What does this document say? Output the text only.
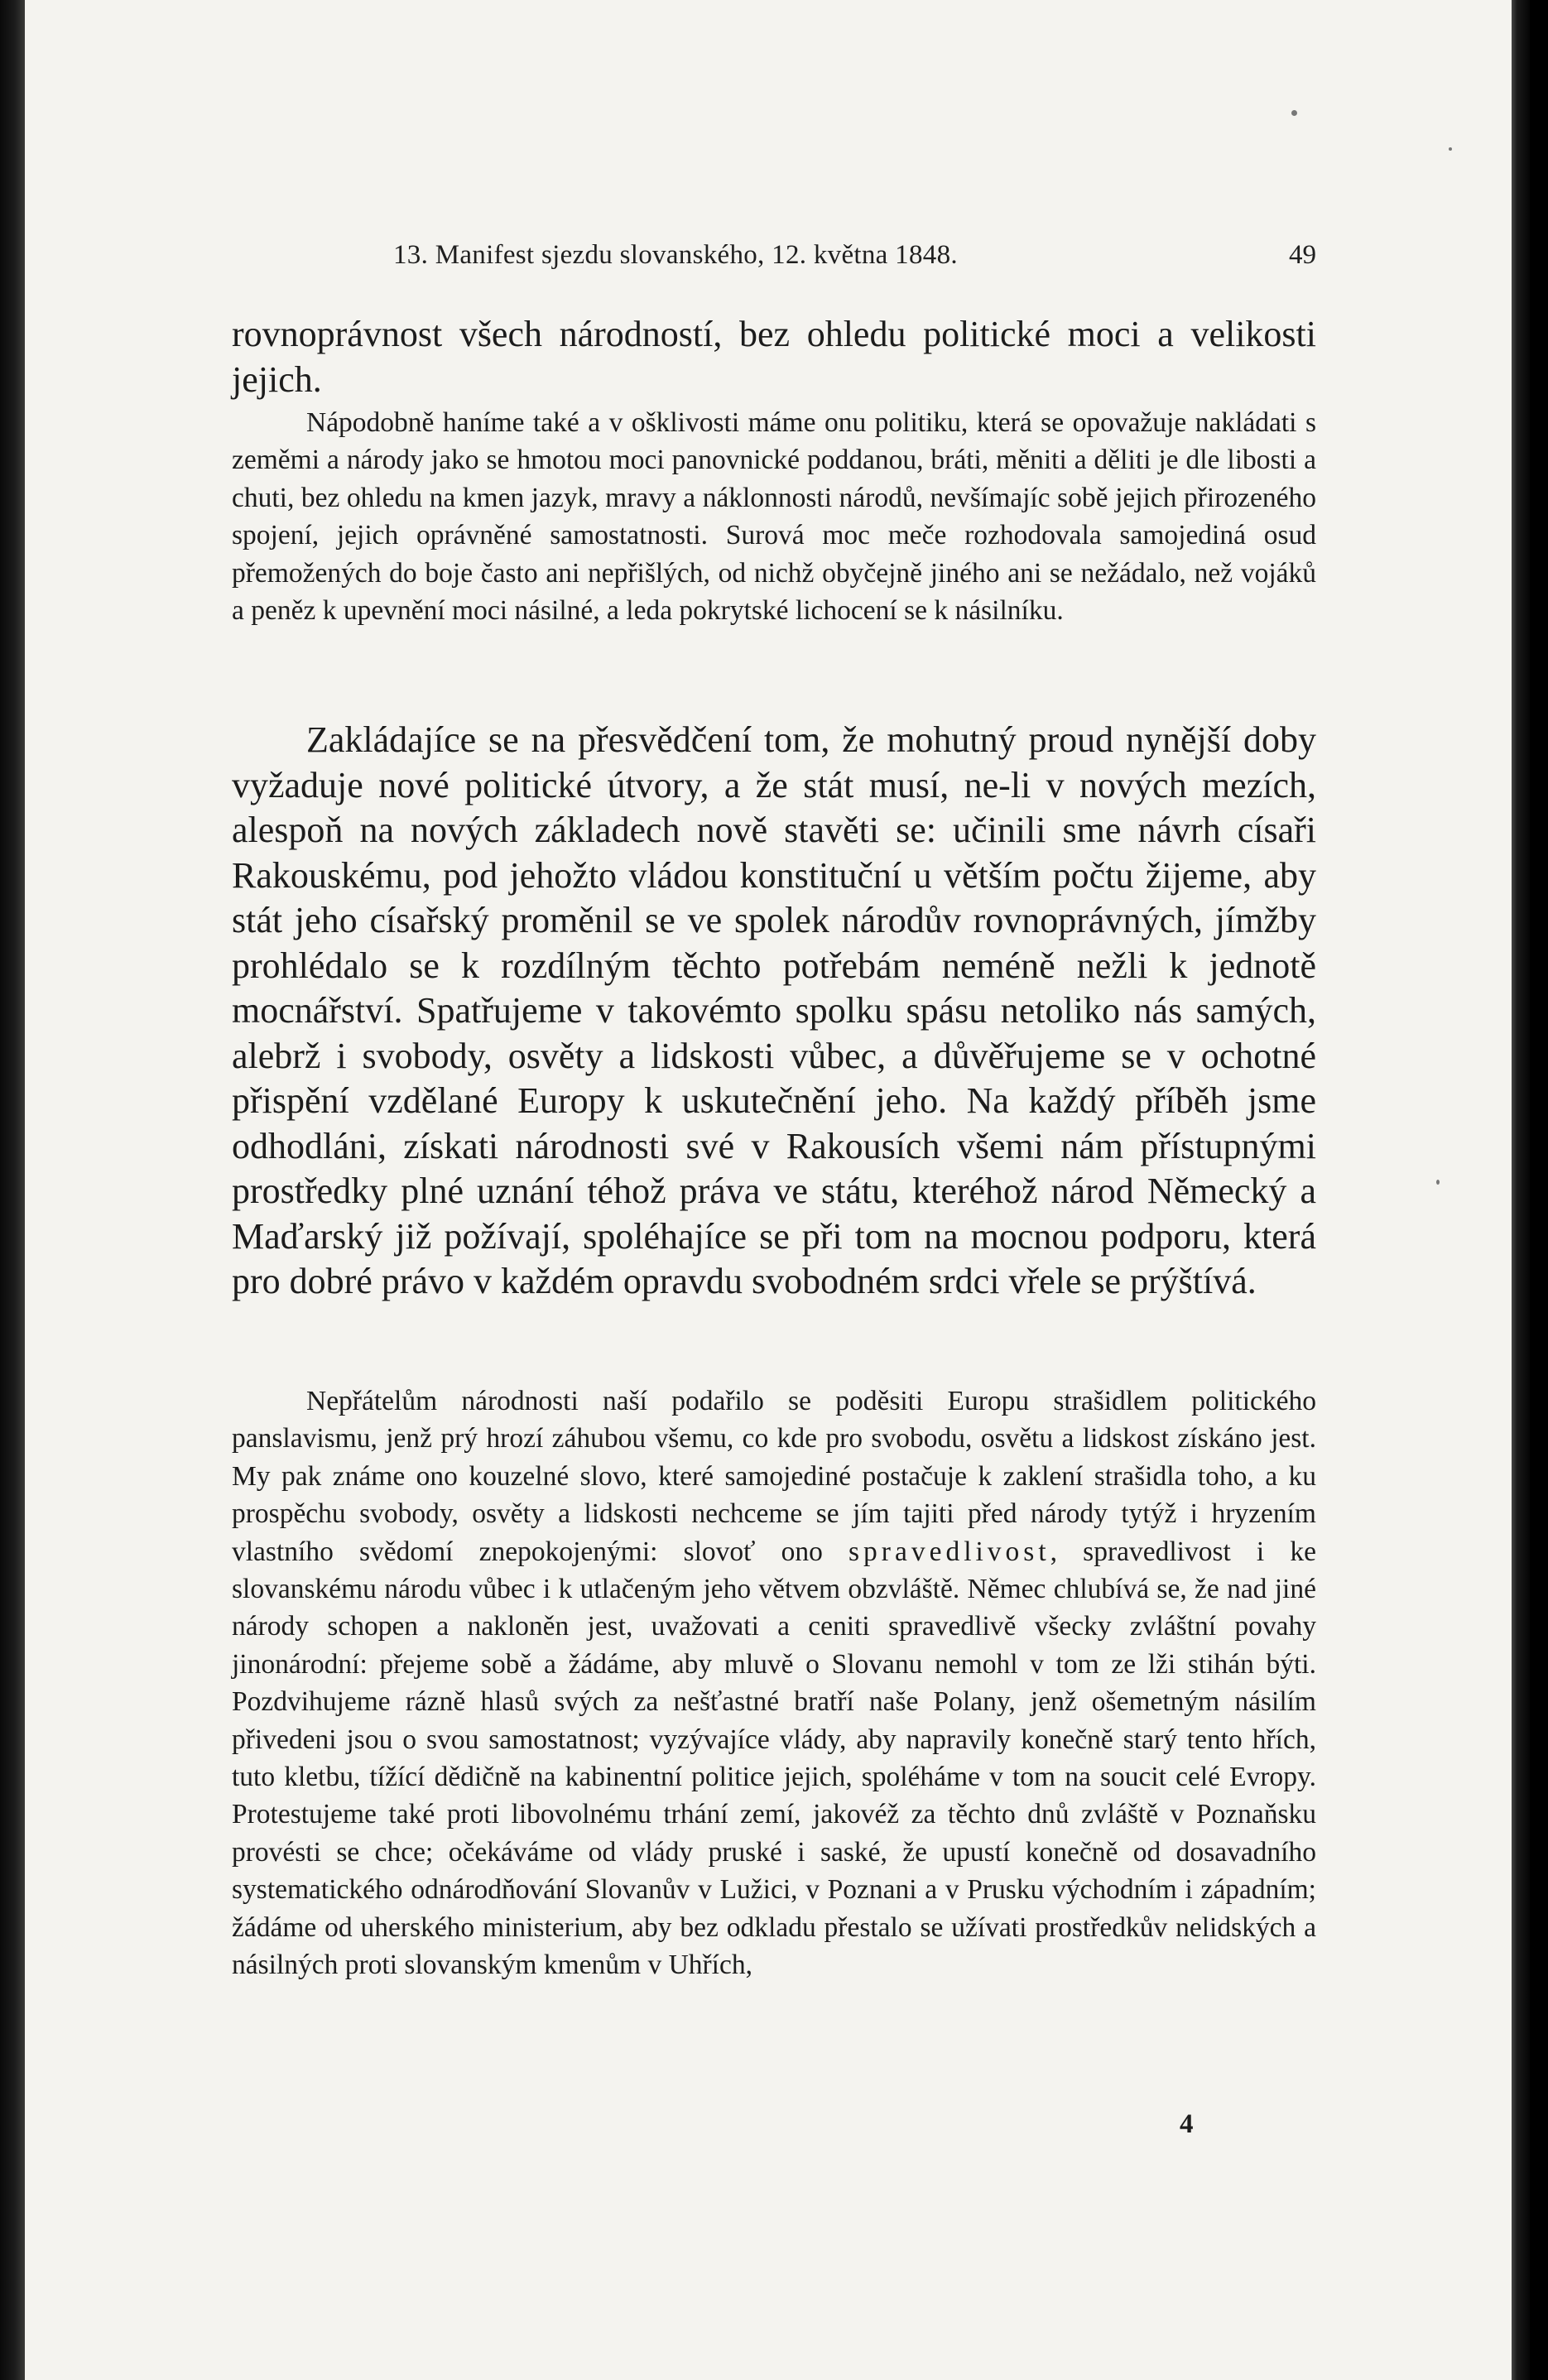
13. Manifest sjezdu slovanského, 12. května 1848.	49

rovnoprávnost všech národností, bez ohledu politické moci a velikosti jejich.

Nápodobně haníme také a v ošklivosti máme onu politiku, která se opovažuje nakládati s zeměmi a národy jako se hmotou moci panovnické poddanou, bráti, měniti a děliti je dle libosti a chuti, bez ohledu na kmen jazyk, mravy a náklonnosti národů, nevšímajíc sobě jejich přirozeného spojení, jejich oprávněné samostatnosti. Surová moc meče rozhodovala samojediná osud přemožených do boje často ani nepřišlých, od nichž obyčejně jiného ani se nežádalo, než vojáků a peněz k upevnění moci násilné, a leda pokrytské lichocení se k násilníku.

Zakládajíce se na přesvědčení tom, že mohutný proud nynější doby vyžaduje nové politické útvory, a že stát musí, ne-li v nových mezích, alespoň na nových základech nově stavěti se: učinili sme návrh císaři Rakouskému, pod jehožto vládou konstituční u větším počtu žijeme, aby stát jeho císařský proměnil se ve spolek národův rovnoprávných, jímžby prohlédalo se k rozdílným těchto potřebám neméně nežli k jednotě mocnářství. Spatřujeme v takovémto spolku spásu netoliko nás samých, alebrž i svobody, osvěty a lidskosti vůbec, a důvěřujeme se v ochotné přispění vzdělané Europy k uskutečnění jeho. Na každý příběh jsme odhodláni, získati národnosti své v Rakousích všemi nám přístupnými prostředky plné uznání téhož práva ve státu, kteréhož národ Německý a Maďarský již požívají, spoléhajíce se při tom na mocnou podporu, která pro dobré právo v každém opravdu svobodném srdci vřele se prýštívá.

Nepřátelům národnosti naší podařilo se poděsiti Europu strašidlem politického panslavismu, jenž prý hrozí záhubou všemu, co kde pro svobodu, osvětu a lidskost získáno jest. My pak známe ono kouzelné slovo, které samojediné postačuje k zaklení strašidla toho, a ku prospěchu svobody, osvěty a lidskosti nechceme se jím tajiti před národy tytýž i hryzením vlastního svědomí znepokojenými: slovoť ono spravedlivost, spravedlivost i ke slovanskému národu vůbec i k utlačeným jeho větvem obzvláště. Němec chlubívá se, že nad jiné národy schopen a nakloněn jest, uvažovati a ceniti spravedlivě všecky zvláštní povahy jinonárodní: přejeme sobě a žádáme, aby mluvě o Slovanu nemohl v tom ze lži stihán býti. Pozdvihujeme rázně hlasů svých za nešťastné bratří naše Polany, jenž ošemetným násilím přivedeni jsou o svou samostatnost; vyzývajíce vlády, aby napravily konečně starý tento hřích, tuto kletbu, tížící dědičně na kabinentní politice jejich, spoléháme v tom na soucit celé Evropy. Protestujeme také proti libovolnému trhání zemí, jakovéž za těchto dnů zvláště v Poznaňsku provésti se chce; očekáváme od vlády pruské i saské, že upustí konečně od dosavadního systematického odnárodňování Slovanův v Lužici, v Poznani a v Prusku východním i západním; žádáme od uherského ministerium, aby bez odkladu přestalo se užívati prostředkův nelidských a násilných proti slovanským kmenům v Uhřích,

4
